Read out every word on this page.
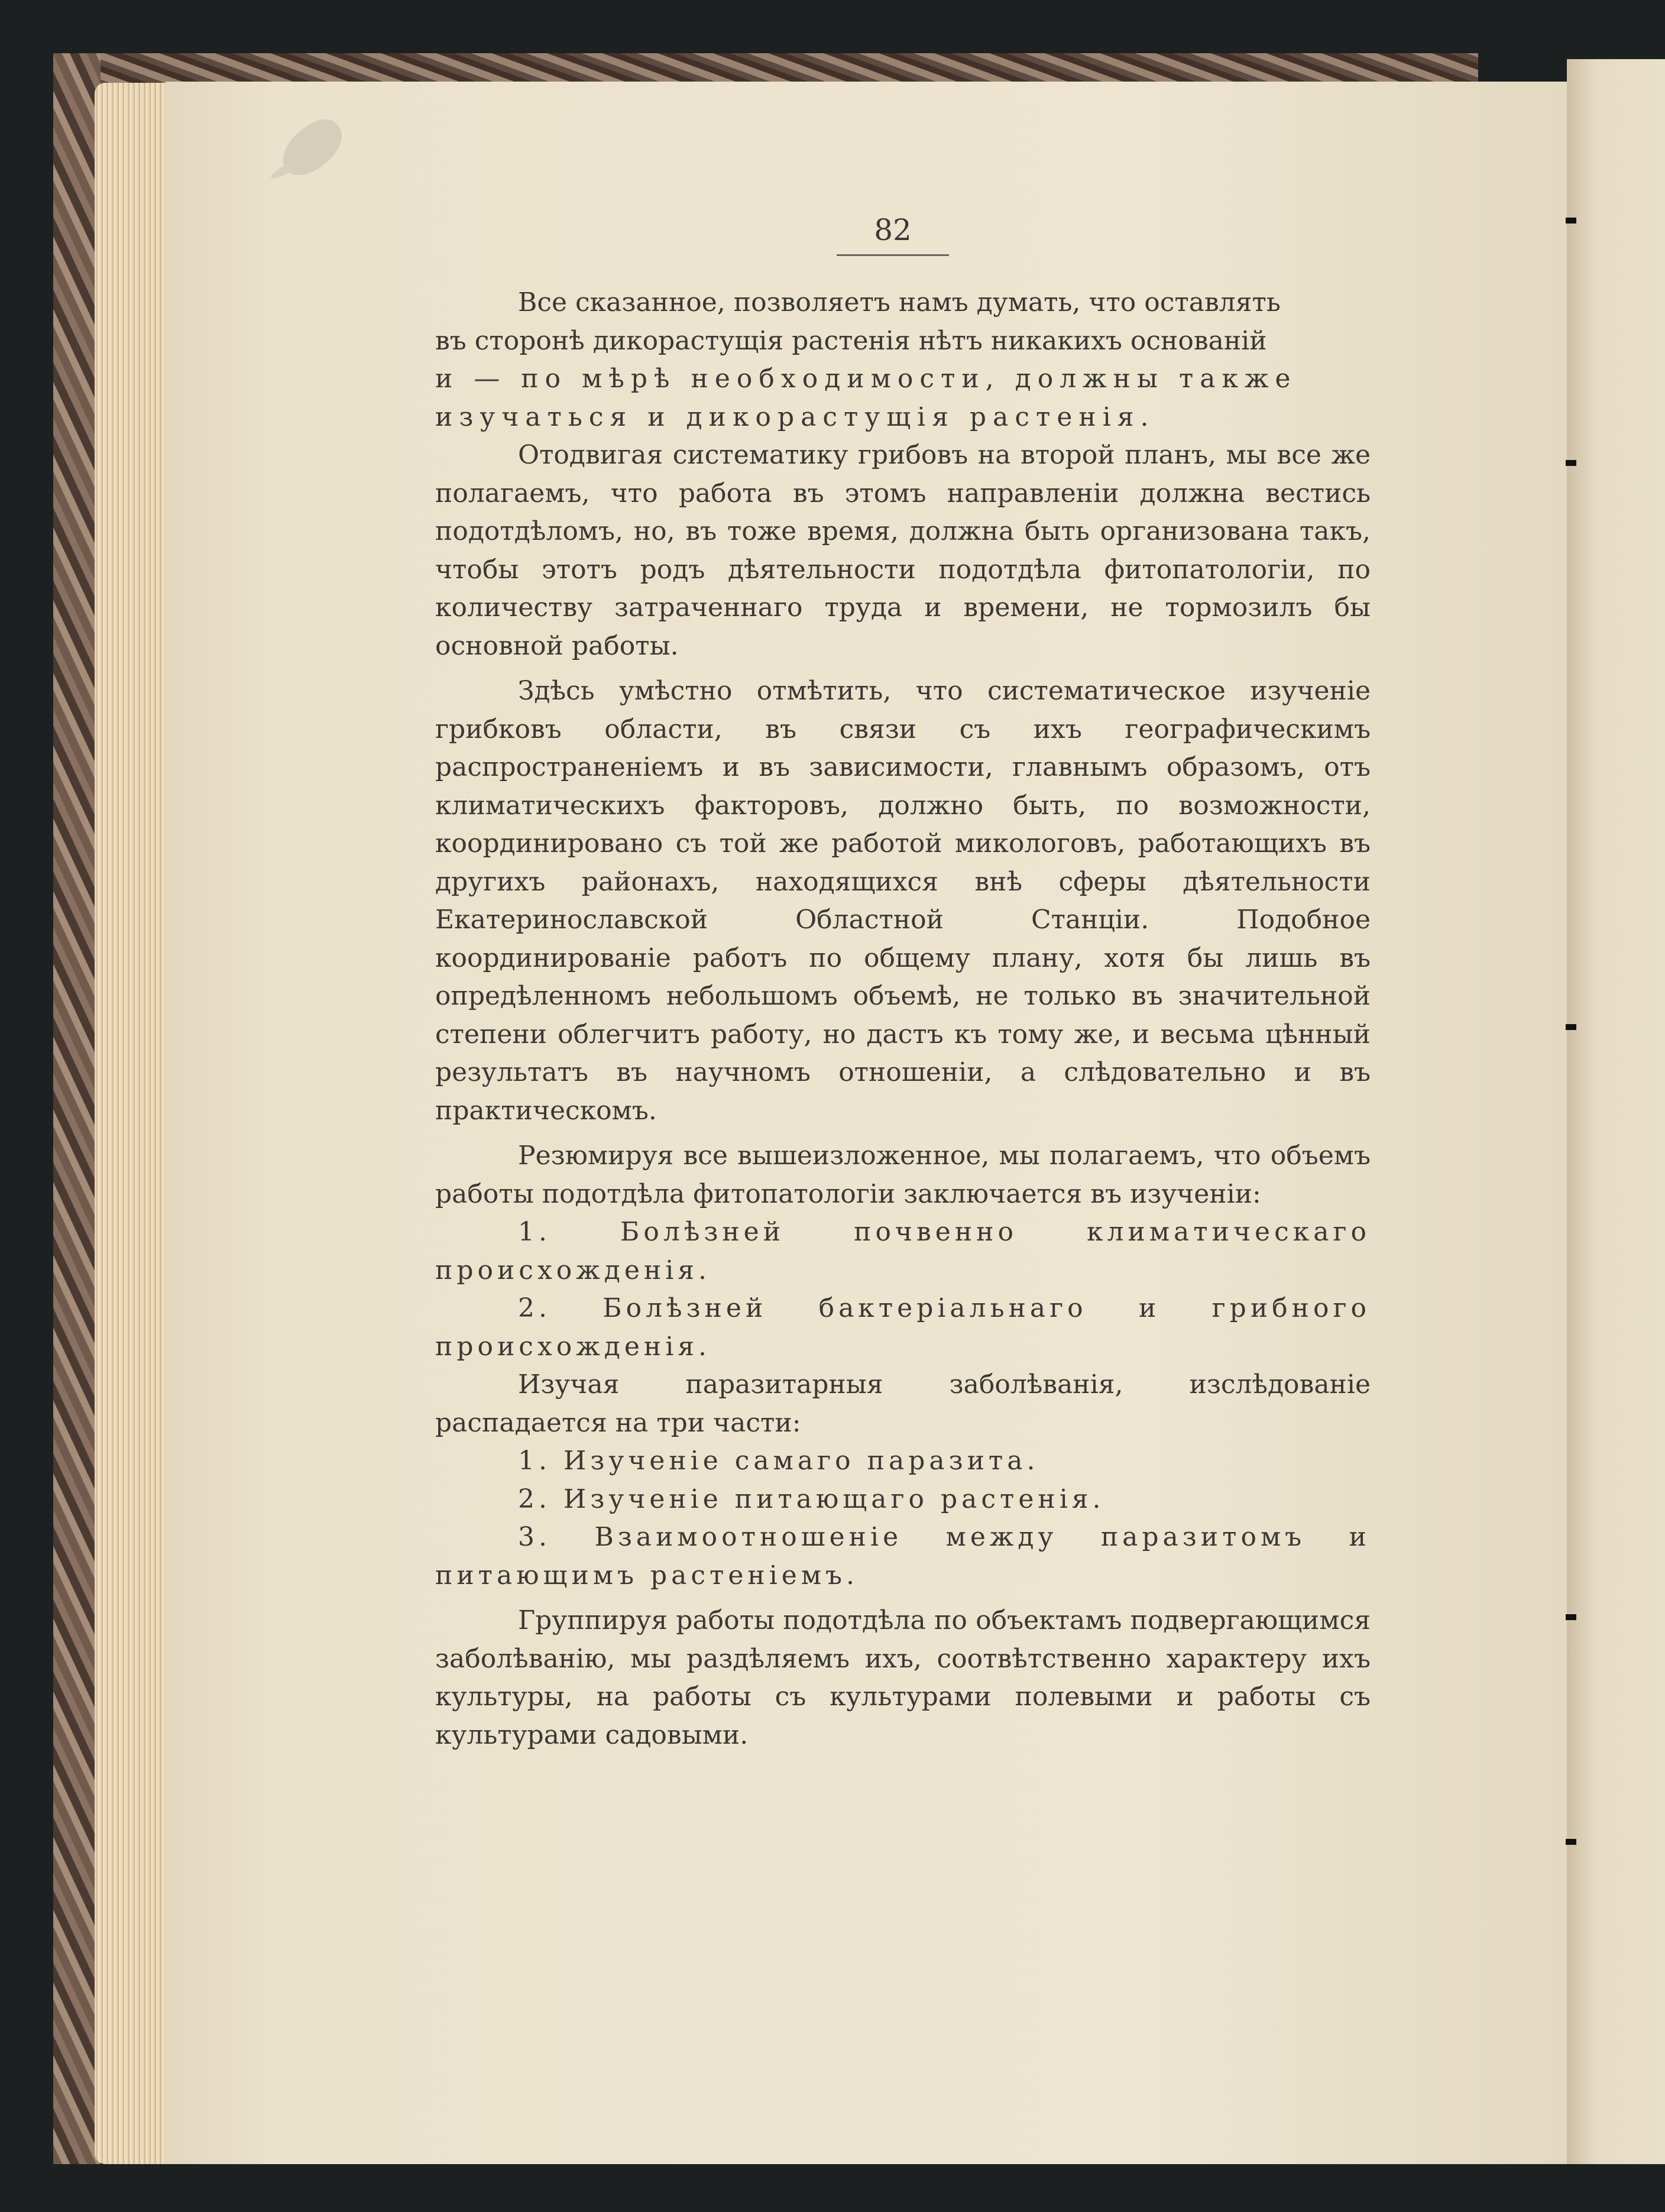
82

Все сказанное, позволяетъ намъ думать, что оставлять

въ сторонѣ дикорастущія растенія нѣтъ никакихъ основаній

и — по мѣрѣ необходимости, должны также

изучаться и дикорастущія растенія.

Отодвигая систематику грибовъ на второй планъ, мы все же полагаемъ, что работа въ этомъ направленіи должна вестись подотдѣломъ, но, въ тоже время, должна быть организована такъ, чтобы этотъ родъ дѣятельности подотдѣла фитопатологіи, по количеству затраченнаго труда и времени, не тормозилъ бы основной работы.

Здѣсь умѣстно отмѣтить, что систематическое изученіе грибковъ области, въ связи съ ихъ географическимъ распространеніемъ и въ зависимости, главнымъ образомъ, отъ климатическихъ факторовъ, должно быть, по возможности, координировано съ той же работой микологовъ, работающихъ въ другихъ районахъ, находящихся внѣ сферы дѣятельности Екатеринославской Областной Станціи. Подобное координированіе работъ по общему плану, хотя бы лишь въ опредѣленномъ небольшомъ объемѣ, не только въ значительной степени облегчитъ работу, но дастъ къ тому же, и весьма цѣнный результатъ въ научномъ отношеніи, а слѣдовательно и въ практическомъ.

Резюмируя все вышеизложенное, мы полагаемъ, что объемъ работы подотдѣла фитопатологіи заключается въ изученіи:

1. Болѣзней почвенно климатическаго происхожденія.

2. Болѣзней бактеріальнаго и грибного происхожденія.

Изучая паразитарныя заболѣванія, изслѣдованіе распадается на три части:

1. Изученіе самаго паразита.

2. Изученіе питающаго растенія.

3. Взаимоотношеніе между паразитомъ и питающимъ растеніемъ.

Группируя работы подотдѣла по объектамъ подвергающимся заболѣванію, мы раздѣляемъ ихъ, соотвѣтственно характеру ихъ культуры, на работы съ культурами полевыми и работы съ культурами садовыми.
